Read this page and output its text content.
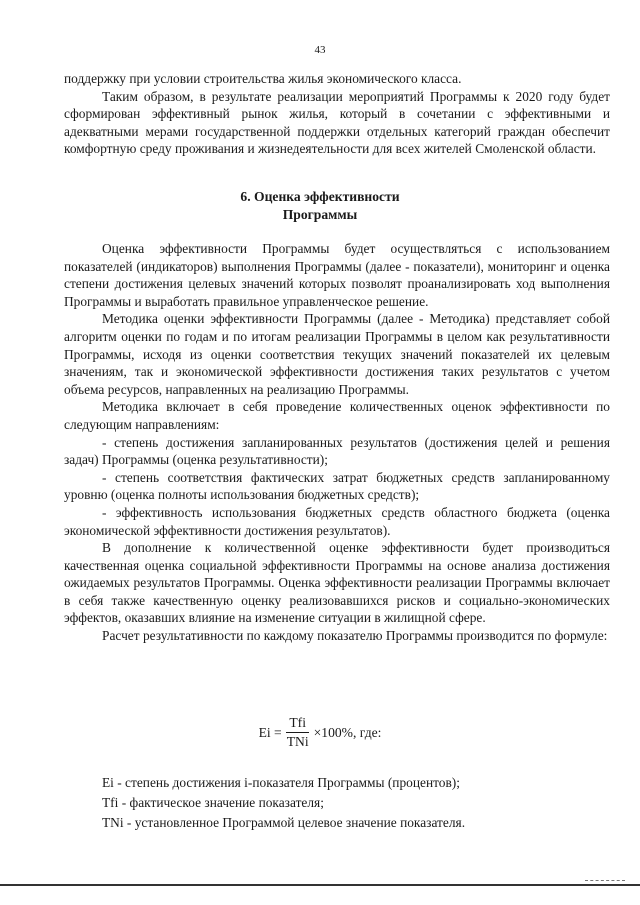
43

поддержку при условии строительства жилья экономического класса.

Таким образом, в результате реализации мероприятий Программы к 2020 году будет сформирован эффективный рынок жилья, который в сочетании с эффективными и адекватными мерами государственной поддержки отдельных категорий граждан обеспечит комфортную среду проживания и жизнедеятельности для всех жителей Смоленской области.

6. Оценка эффективности
Программы

Оценка эффективности Программы будет осуществляться с использованием показателей (индикаторов) выполнения Программы (далее - показатели), мониторинг и оценка степени достижения целевых значений которых позволят проанализировать ход выполнения Программы и выработать правильное управленческое решение.

Методика оценки эффективности Программы (далее - Методика) представляет собой алгоритм оценки по годам и по итогам реализации Программы в целом как результативности Программы, исходя из оценки соответствия текущих значений показателей их целевым значениям, так и экономической эффективности достижения таких результатов с учетом объема ресурсов, направленных на реализацию Программы.

Методика включает в себя проведение количественных оценок эффективности по следующим направлениям:

- степень достижения запланированных результатов (достижения целей и решения задач) Программы (оценка результативности);

- степень соответствия фактических затрат бюджетных средств запланированному уровню (оценка полноты использования бюджетных средств);

- эффективность использования бюджетных средств областного бюджета (оценка экономической эффективности достижения результатов).

В дополнение к количественной оценке эффективности будет производиться качественная оценка социальной эффективности Программы на основе анализа достижения ожидаемых результатов Программы. Оценка эффективности реализации Программы включает в себя также качественную оценку реализовавшихся рисков и социально-экономических эффектов, оказавших влияние на изменение ситуации в жилищной сфере.

Расчет результативности по каждому показателю Программы производится по формуле:

$Ei = \frac{\text{Tfi}}{\text{TNi}} \times 100\%$, где:

Ei - степень достижения i-показателя Программы (процентов);

Tfi - фактическое значение показателя;

TNi - установленное Программой целевое значение показателя.
